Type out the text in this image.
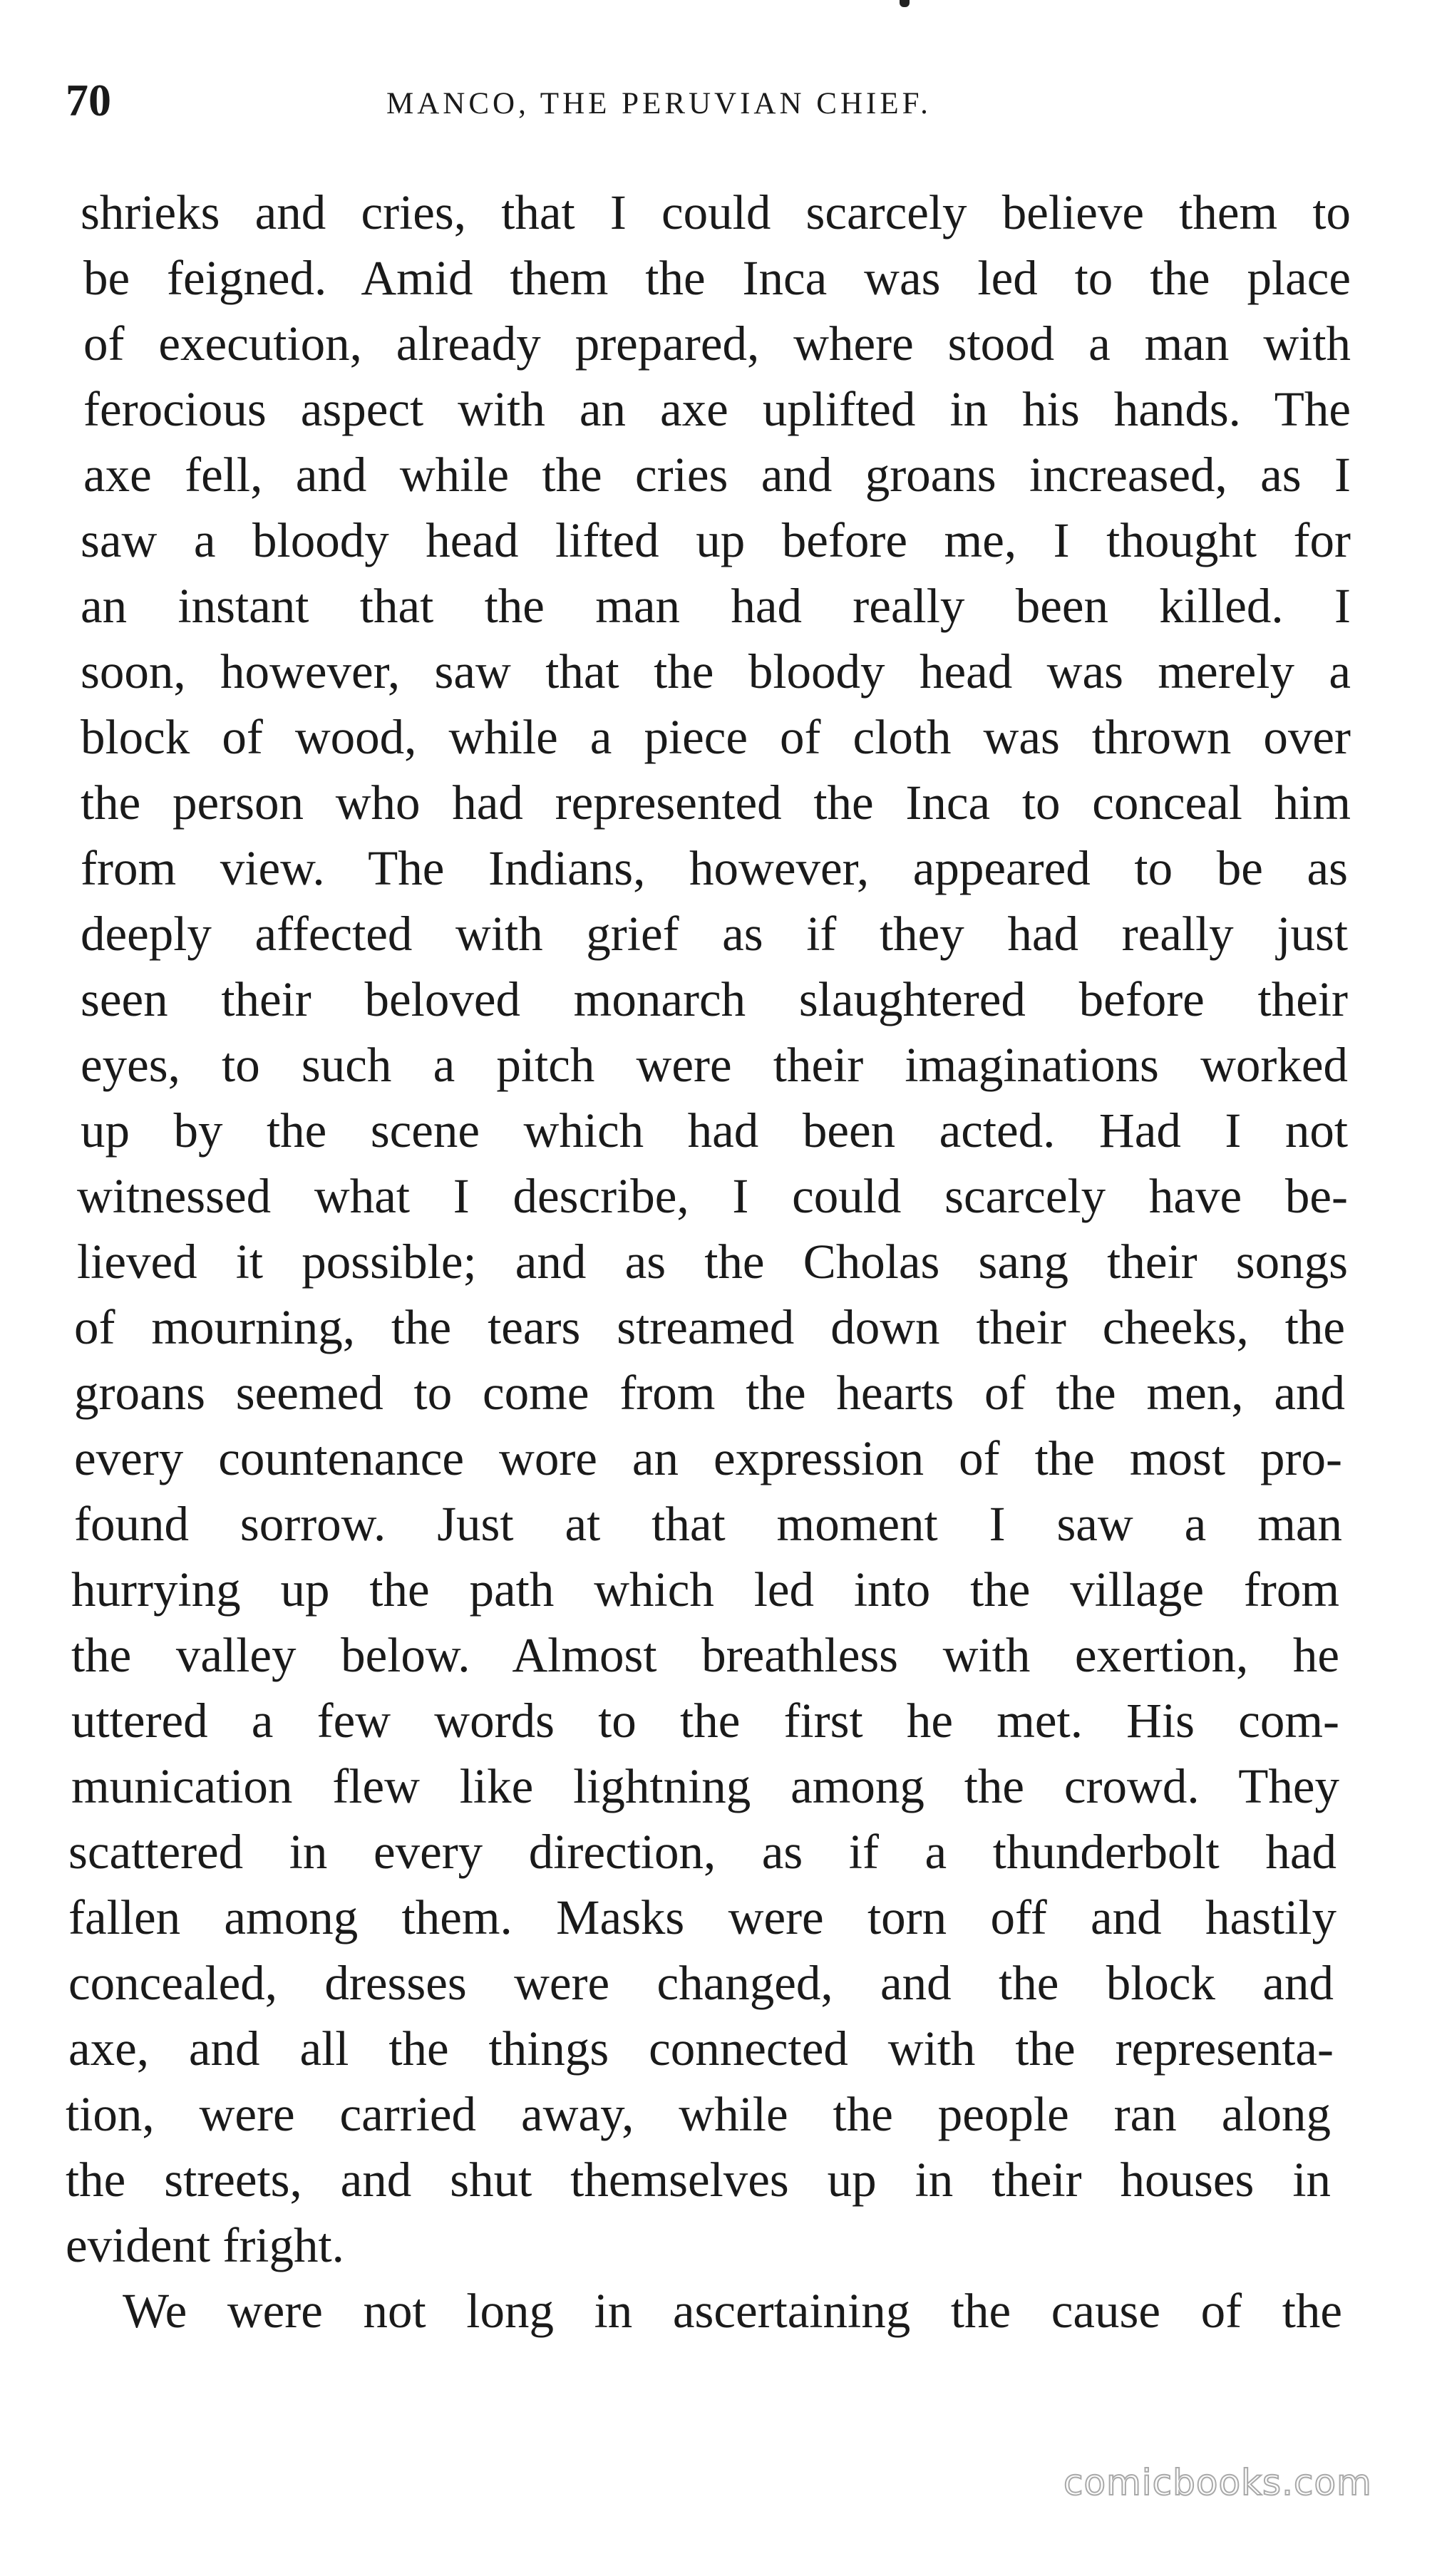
70	MANCO, THE PERUVIAN CHIEF.
shrieks and cries, that I could scarcely believe them to
be feigned. Amid them the Inca was led to the place
of execution, already prepared, where stood a man with
ferocious aspect with an axe uplifted in his hands. The
axe fell, and while the cries and groans increased, as I
saw a bloody head lifted up before me, I thought for
an instant that the man had really been killed. I
soon, however, saw that the bloody head was merely a
block of wood, while a piece of cloth was thrown over
the person who had represented the Inca to conceal him
from view. The Indians, however, appeared to be as
deeply affected with grief as if they had really just
seen their beloved monarch slaughtered before their
eyes, to such a pitch were their imaginations worked
up by the scene which had been acted. Had I not
witnessed what I describe, I could scarcely have be-
lieved it possible; and as the Cholas sang their songs
of mourning, the tears streamed down their cheeks, the
groans seemed to come from the hearts of the men, and
every countenance wore an expression of the most pro-
found sorrow. Just at that moment I saw a man
hurrying up the path which led into the village from
the valley below. Almost breathless with exertion, he
uttered a few words to the first he met. His com-
munication flew like lightning among the crowd. They
scattered in every direction, as if a thunderbolt had
fallen among them. Masks were torn off and hastily
concealed, dresses were changed, and the block and
axe, and all the things connected with the representa-
tion, were carried away, while the people ran along
the streets, and shut themselves up in their houses in
evident fright.
We were not long in ascertaining the cause of the
comicbooks.com
